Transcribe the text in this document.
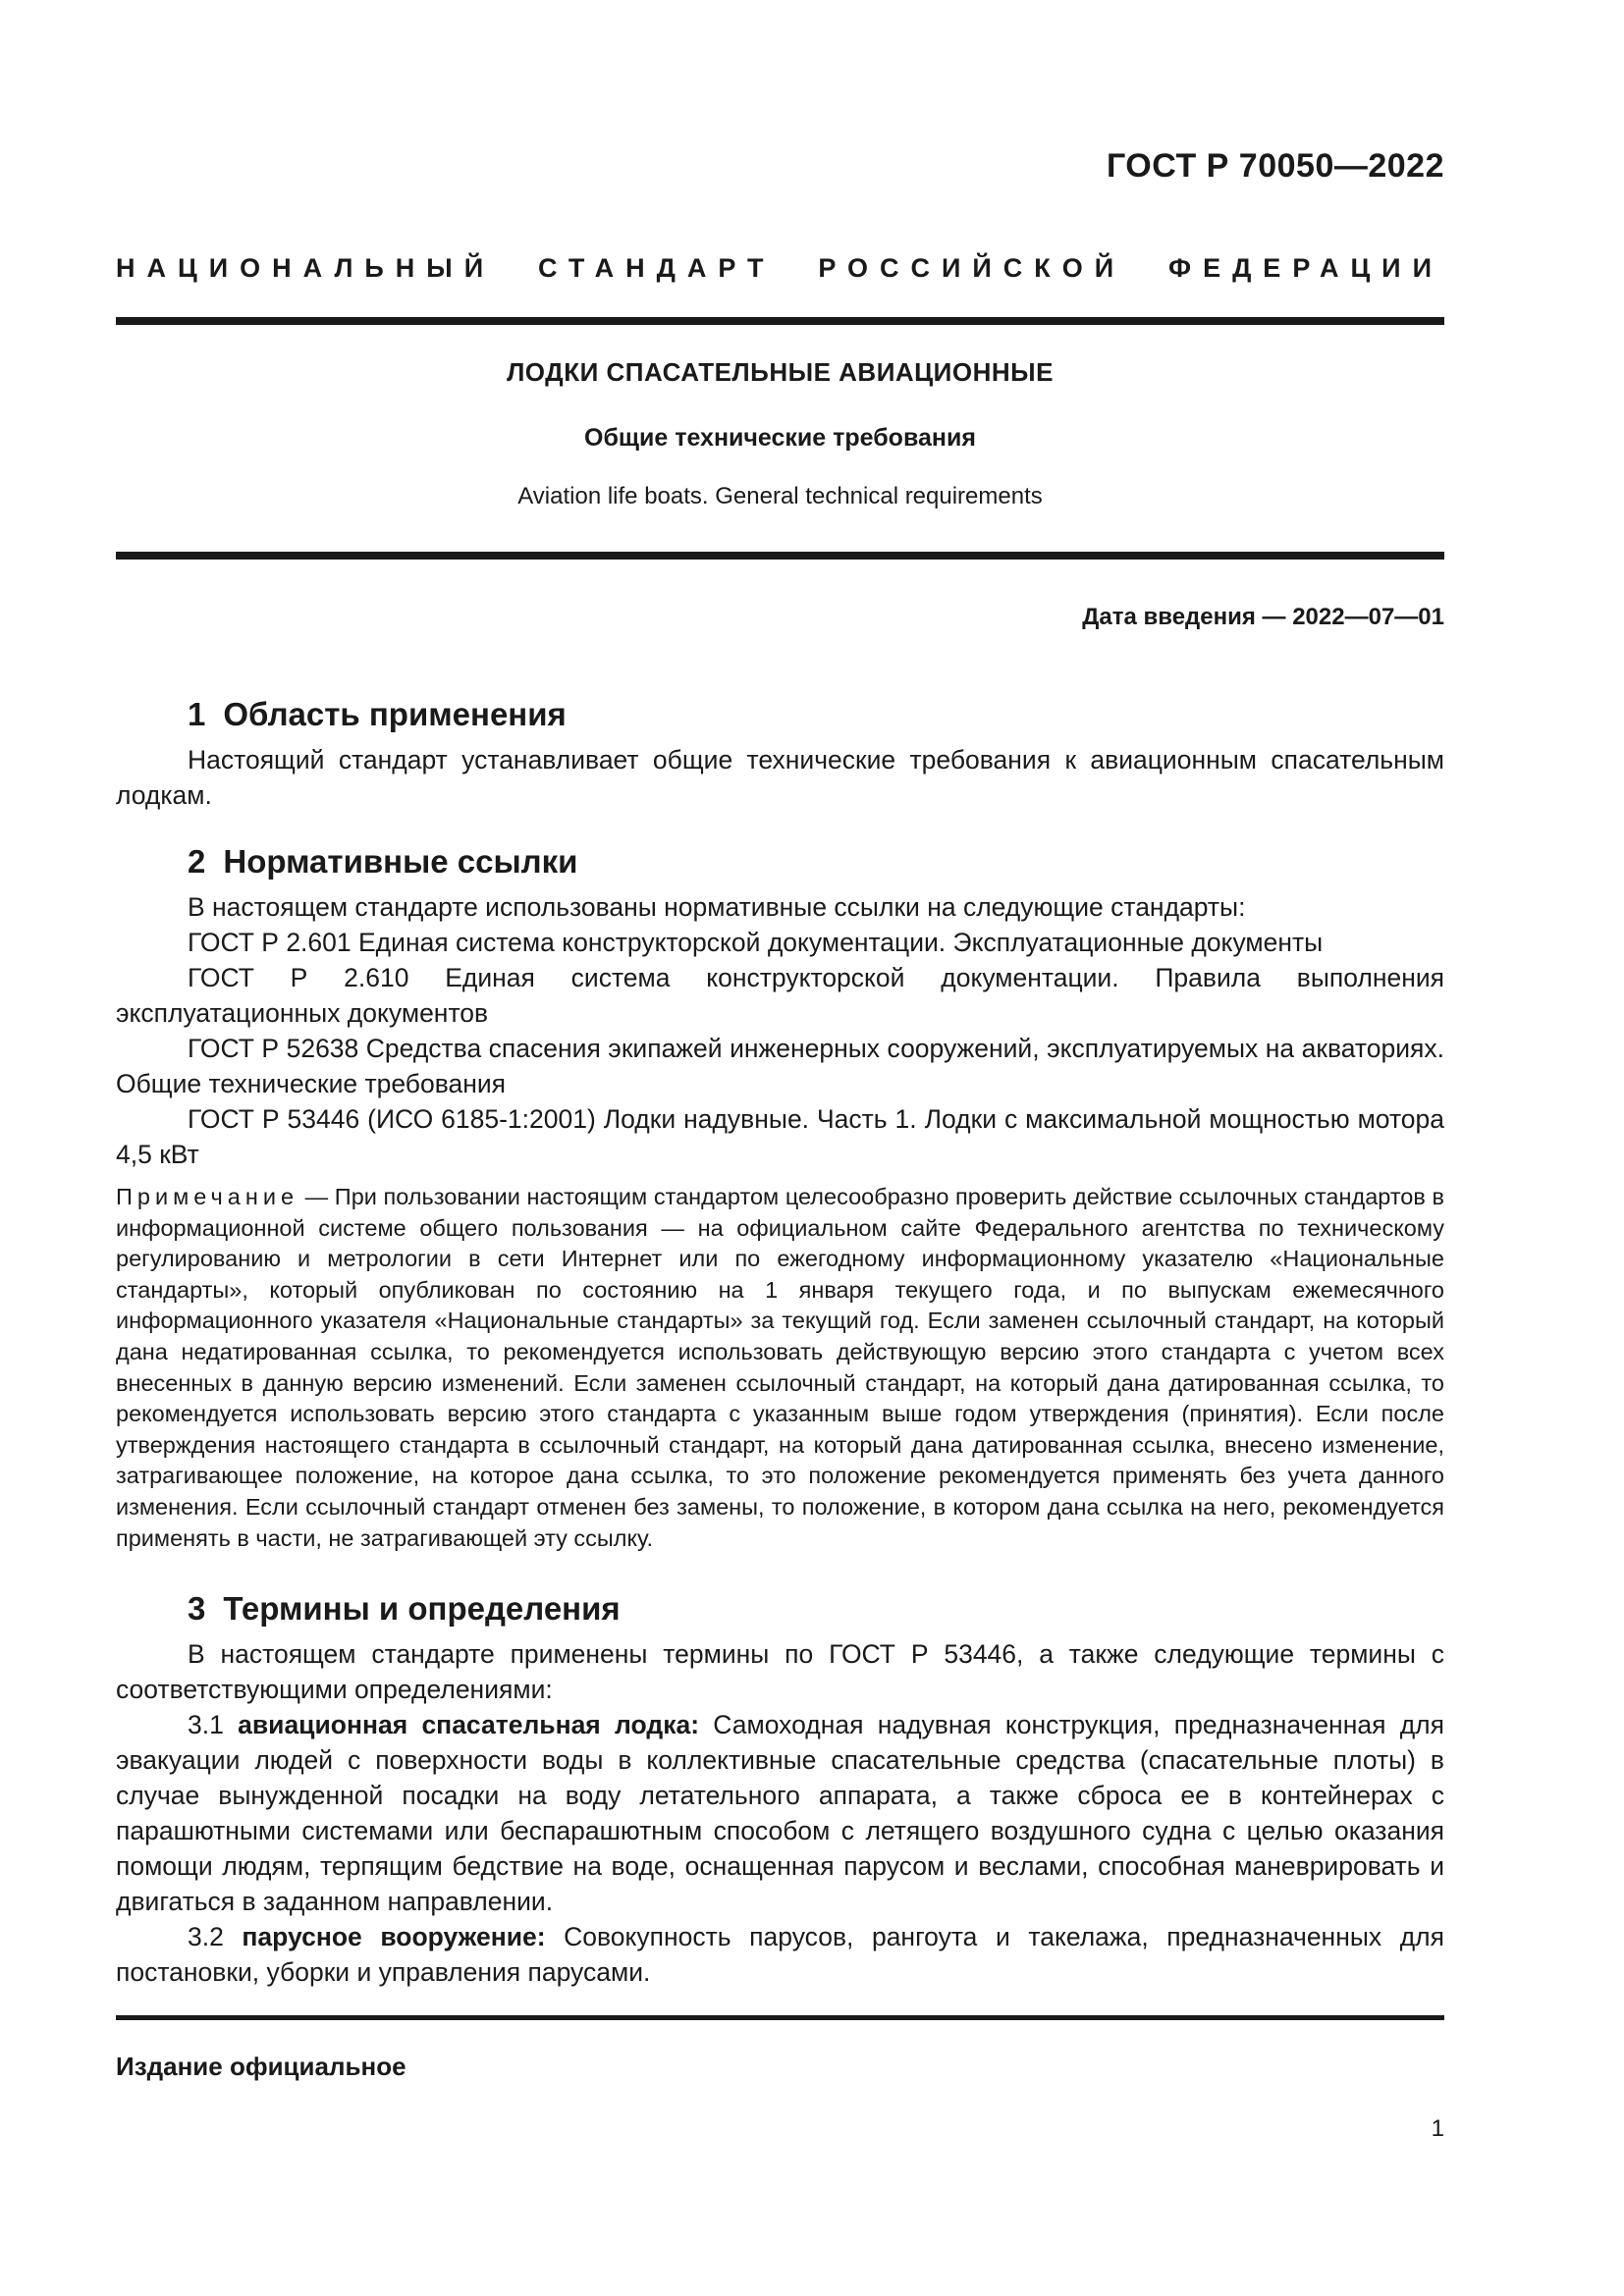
ГОСТ Р 70050—2022
НАЦИОНАЛЬНЫЙ СТАНДАРТ РОССИЙСКОЙ ФЕДЕРАЦИИ
ЛОДКИ СПАСАТЕЛЬНЫЕ АВИАЦИОННЫЕ
Общие технические требования
Aviation life boats. General technical requirements
Дата введения — 2022—07—01
1 Область применения

Настоящий стандарт устанавливает общие технические требования к авиационным спасательным лодкам.

2 Нормативные ссылки

В настоящем стандарте использованы нормативные ссылки на следующие стандарты:

ГОСТ Р 2.601 Единая система конструкторской документации. Эксплуатационные документы

ГОСТ Р 2.610 Единая система конструкторской документации. Правила выполнения эксплуатационных документов

ГОСТ Р 52638 Средства спасения экипажей инженерных сооружений, эксплуатируемых на акваториях. Общие технические требования

ГОСТ Р 53446 (ИСО 6185-1:2001) Лодки надувные. Часть 1. Лодки с максимальной мощностью мотора 4,5 кВт

Примечание — При пользовании настоящим стандартом целесообразно проверить действие ссылочных стандартов в информационной системе общего пользования — на официальном сайте Федерального агентства по техническому регулированию и метрологии в сети Интернет или по ежегодному информационному указателю «Национальные стандарты», который опубликован по состоянию на 1 января текущего года, и по выпускам ежемесячного информационного указателя «Национальные стандарты» за текущий год. Если заменен ссылочный стандарт, на который дана недатированная ссылка, то рекомендуется использовать действующую версию этого стандарта с учетом всех внесенных в данную версию изменений. Если заменен ссылочный стандарт, на который дана датированная ссылка, то рекомендуется использовать версию этого стандарта с указанным выше годом утверждения (принятия). Если после утверждения настоящего стандарта в ссылочный стандарт, на который дана датированная ссылка, внесено изменение, затрагивающее положение, на которое дана ссылка, то это положение рекомендуется применять без учета данного изменения. Если ссылочный стандарт отменен без замены, то положение, в котором дана ссылка на него, рекомендуется применять в части, не затрагивающей эту ссылку.

3 Термины и определения

В настоящем стандарте применены термины по ГОСТ Р 53446, а также следующие термины с соответствующими определениями:

3.1 авиационная спасательная лодка: Самоходная надувная конструкция, предназначенная для эвакуации людей с поверхности воды в коллективные спасательные средства (спасательные плоты) в случае вынужденной посадки на воду летательного аппарата, а также сброса ее в контейнерах с парашютными системами или беспарашютным способом с летящего воздушного судна с целью оказания помощи людям, терпящим бедствие на воде, оснащенная парусом и веслами, способная маневрировать и двигаться в заданном направлении.

3.2 парусное вооружение: Совокупность парусов, рангоута и такелажа, предназначенных для постановки, уборки и управления парусами.

Издание официальное
1
